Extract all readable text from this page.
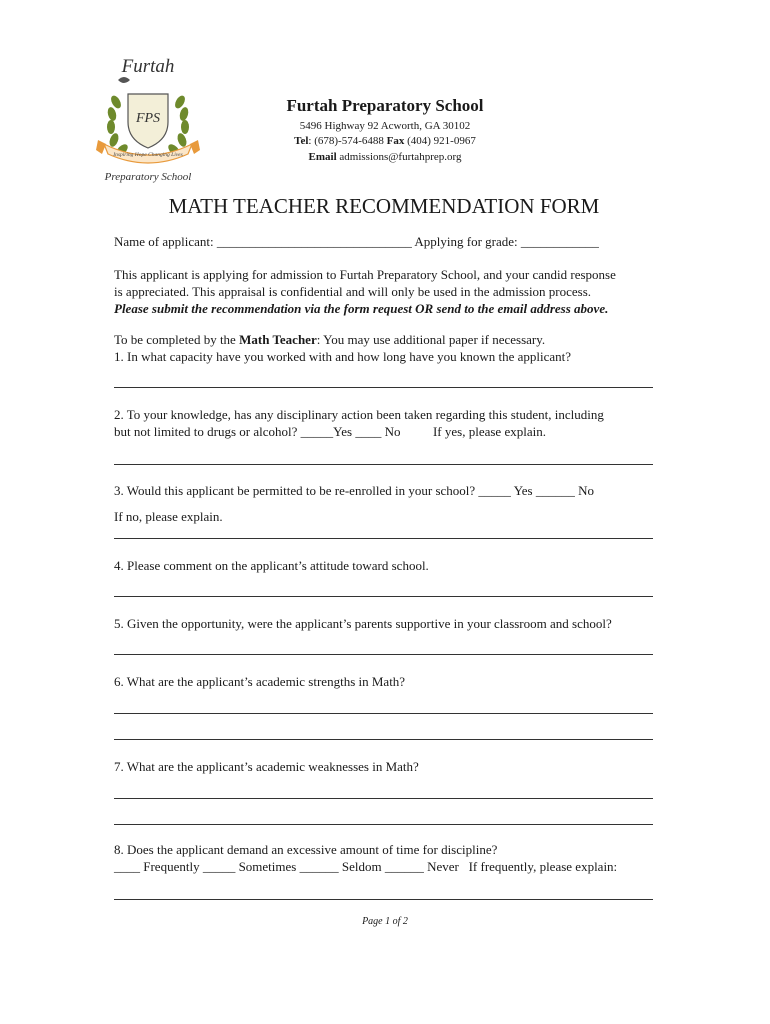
Furtah
FPS
Inspiring Hope Changing Lives
Preparatory School
Furtah Preparatory School
5496 Highway 92 Acworth, GA 30102
Tel: (678)-574-6488 Fax (404) 921-0967
Email admissions@furtahprep.org
MATH TEACHER RECOMMENDATION FORM
Name of applicant: ______________________________ Applying for grade: ____________
This applicant is applying for admission to Furtah Preparatory School, and your candid response
is appreciated. This appraisal is confidential and will only be used in the admission process.
Please submit the recommendation via the form request OR send to the email address above.
To be completed by the Math Teacher: You may use additional paper if necessary.
1. In what capacity have you worked with and how long have you known the applicant?
2. To your knowledge, has any disciplinary action been taken regarding this student, including
but not limited to drugs or alcohol? _____Yes ____ No          If yes, please explain.
3. Would this applicant be permitted to be re-enrolled in your school? _____ Yes ______ No
If no, please explain.
4. Please comment on the applicant’s attitude toward school.
5. Given the opportunity, were the applicant’s parents supportive in your classroom and school?
6. What are the applicant’s academic strengths in Math?
7. What are the applicant’s academic weaknesses in Math?
8. Does the applicant demand an excessive amount of time for discipline?
____ Frequently _____ Sometimes ______ Seldom ______ Never   If frequently, please explain:
Page 1 of 2
